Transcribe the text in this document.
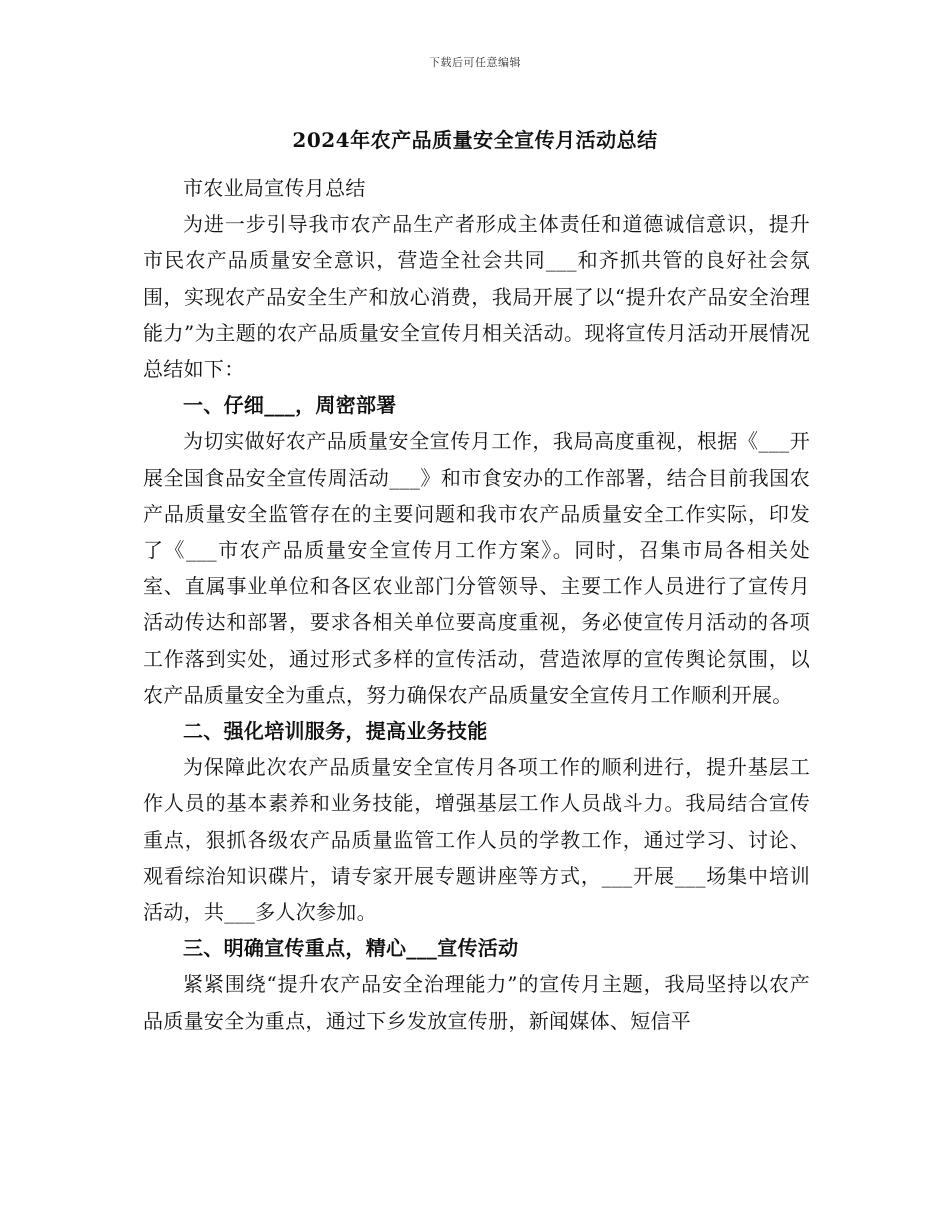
下载后可任意编辑
2024年农产品质量安全宣传月活动总结

市农业局宣传月总结

为进一步引导我市农产品生产者形成主体责任和道德诚信意识，提升市民农产品质量安全意识，营造全社会共同___和齐抓共管的良好社会氛围，实现农产品安全生产和放心消费，我局开展了以“提升农产品安全治理能力”为主题的农产品质量安全宣传月相关活动。现将宣传月活动开展情况总结如下：

一、仔细___，周密部署

为切实做好农产品质量安全宣传月工作，我局高度重视，根据《___开展全国食品安全宣传周活动___》和市食安办的工作部署，结合目前我国农产品质量安全监管存在的主要问题和我市农产品质量安全工作实际，印发了《___市农产品质量安全宣传月工作方案》。同时，召集市局各相关处室、直属事业单位和各区农业部门分管领导、主要工作人员进行了宣传月活动传达和部署，要求各相关单位要高度重视，务必使宣传月活动的各项工作落到实处，通过形式多样的宣传活动，营造浓厚的宣传舆论氛围，以农产品质量安全为重点，努力确保农产品质量安全宣传月工作顺利开展。

二、强化培训服务，提高业务技能

为保障此次农产品质量安全宣传月各项工作的顺利进行，提升基层工作人员的基本素养和业务技能，增强基层工作人员战斗力。我局结合宣传重点，狠抓各级农产品质量监管工作人员的学教工作，通过学习、讨论、观看综治知识碟片，请专家开展专题讲座等方式，___开展___场集中培训活动，共___多人次参加。

三、明确宣传重点，精心___宣传活动

紧紧围绕“提升农产品安全治理能力”的宣传月主题，我局坚持以农产品质量安全为重点，通过下乡发放宣传册，新闻媒体、短信平
